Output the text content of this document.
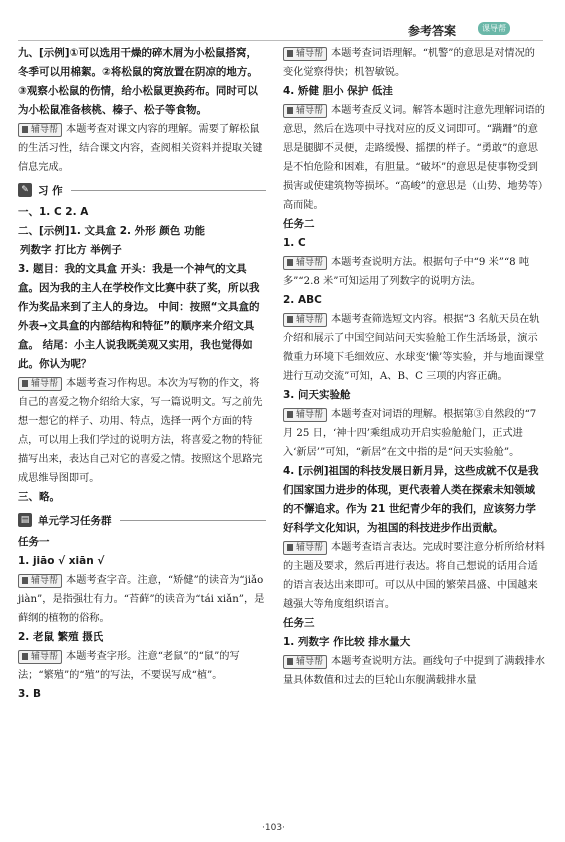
参考答案	课导帮

九、[示例]①可以选用干燥的碎木屑为小松鼠搭窝，冬季可以用棉絮。②将松鼠的窝放置在阴凉的地方。③观察小松鼠的伤情，给小松鼠更换药布。同时可以为小松鼠准备核桃、榛子、松子等食物。

辅导帮 本题考查对课文内容的理解。需要了解松鼠的生活习性，结合课文内容，查阅相关资料并提取关键信息完成。

✎ 习 作

一、1. C 2. A

二、[示例]1. 文具盒 2. 外形 颜色 功能

列数字 打比方 举例子

3. 题目：我的文具盒 开头：我是一个神气的文具盒。因为我的主人在学校作文比赛中获了奖，所以我作为奖品来到了主人的身边。 中间：按照“文具盒的外表→文具盒的内部结构和特征”的顺序来介绍文具盒。 结尾：小主人说我既美观又实用，我也觉得如此。你认为呢？

辅导帮 本题考查习作构思。本次为写物的作文，将自己的喜爱之物介绍给大家，写一篇说明文。写之前先想一想它的样子、功用、特点，选择一两个方面的特点，可以用上我们学过的说明方法，将喜爱之物的特征描写出来，表达自己对它的喜爱之情。按照这个思路完成思维导图即可。

三、略。

▤ 单元学习任务群

任务一

1. jiāo √ xiān √

辅导帮 本题考查字音。注意，“矫健”的读音为“jiǎo jiàn”，是指强壮有力。“苔藓”的读音为“tái xiǎn”，是藓纲的植物的俗称。

2. 老鼠 繁殖 摄氏

辅导帮 本题考查字形。注意“老鼠”的“鼠”的写法；“繁殖”的“殖”的写法，不要误写成“植”。

3. B

辅导帮 本题考查词语理解。“机警”的意思是对情况的变化觉察得快；机智敏锐。

4. 矫健 胆小 保护 低洼

辅导帮 本题考查反义词。解答本题时注意先理解词语的意思，然后在选项中寻找对应的反义词即可。“蹒跚”的意思是腿脚不灵便，走路缓慢、摇摆的样子。“勇敢”的意思是不怕危险和困难，有胆量。“破坏”的意思是使事物受到损害或使建筑物等损坏。“高峻”的意思是（山势、地势等）高而陡。

任务二

1. C

辅导帮 本题考查说明方法。根据句子中“9 米”“8 吨多”“2.8 米”可知运用了列数字的说明方法。

2. ABC

辅导帮 本题考查筛选短文内容。根据“3 名航天员在轨介绍和展示了中国空间站问天实验舱工作生活场景，演示微重力环境下毛细效应、水球变‘懒’等实验，并与地面课堂进行互动交流”可知，A、B、C 三项的内容正确。

3. 问天实验舱

辅导帮 本题考查对词语的理解。根据第③自然段的“7 月 25 日，‘神十四’乘组成功开启实验舱舱门，正式进入‘新居’”可知，“新居”在文中指的是“问天实验舱”。

4. [示例]祖国的科技发展日新月异，这些成就不仅是我们国家国力进步的体现，更代表着人类在探索未知领域的不懈追求。作为 21 世纪青少年的我们，应该努力学好科学文化知识，为祖国的科技进步作出贡献。

辅导帮 本题考查语言表达。完成时要注意分析所给材料的主题及要求，然后再进行表达。将自己想说的话用合适的语言表达出来即可。可以从中国的繁荣昌盛、中国越来越强大等角度组织语言。

任务三

1. 列数字 作比较 排水量大

辅导帮 本题考查说明方法。画线句子中提到了满载排水量具体数值和过去的巨轮山东舰满载排水量

·103·
